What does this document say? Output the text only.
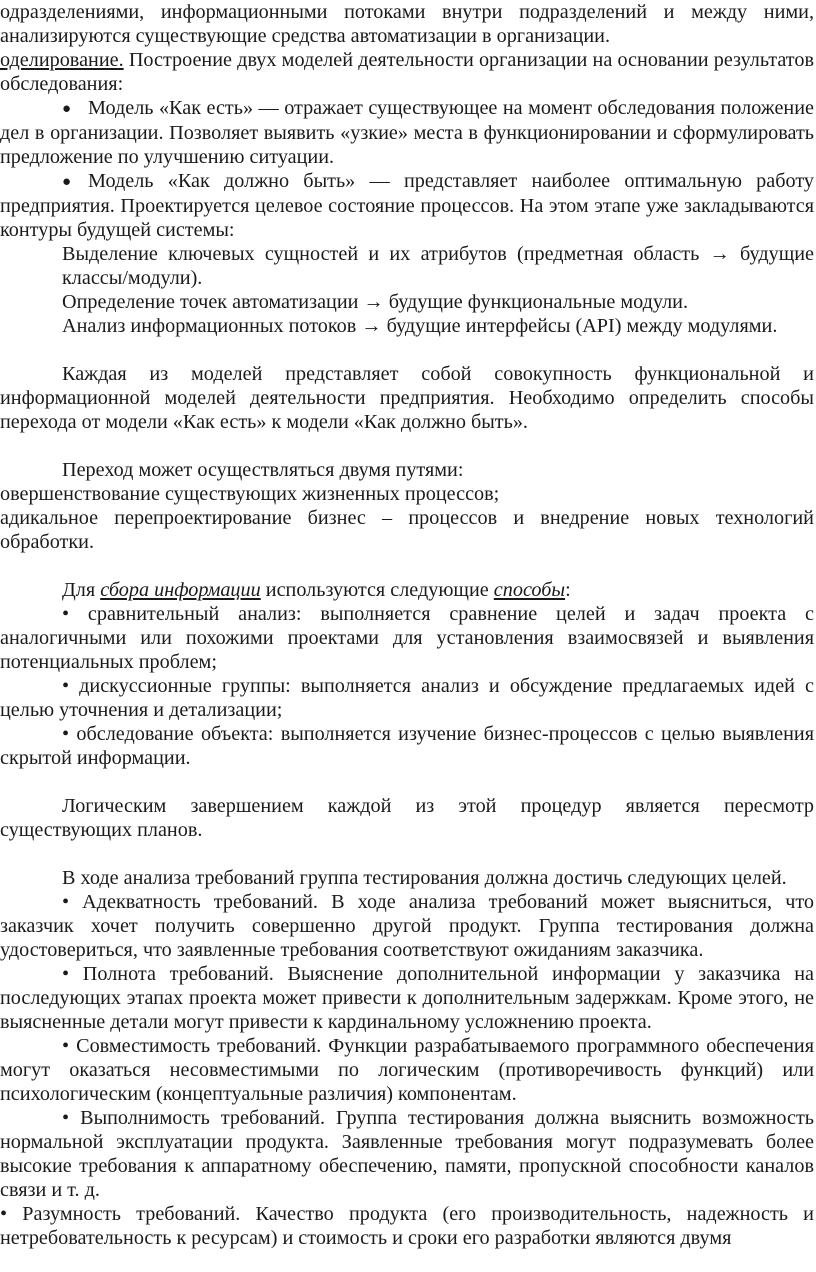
одразделениями, информационными потоками внутри подразделений и между ними, анализируются существующие средства автоматизации в организации.

оделирование. Построение двух моделей деятельности организации на основании результатов обследования:

● Модель «Как есть» — отражает существующее на момент обследования положение дел в организации. Позволяет выявить «узкие» места в функционировании и сформулировать предложение по улучшению ситуации.

● Модель «Как должно быть» — представляет наиболее оптимальную работу предприятия. Проектируется целевое состояние процессов. На этом этапе уже закладываются контуры будущей системы:

Выделение ключевых сущностей и их атрибутов (предметная область → будущие классы/модули).

Определение точек автоматизации → будущие функциональные модули.

Анализ информационных потоков → будущие интерфейсы (API) между модулями.

Каждая из моделей представляет собой совокупность функциональной и информационной моделей деятельности предприятия. Необходимо определить способы перехода от модели «Как есть» к модели «Как должно быть».

Переход может осуществляться двумя путями:

овершенствование существующих жизненных процессов;

адикальное перепроектирование бизнес – процессов и внедрение новых технологий обработки.

Для сбора информации используются следующие способы:

• сравнительный анализ: выполняется сравнение целей и задач проекта с аналогичными или похожими проектами для установления взаимосвязей и выявления потенциальных проблем;

• дискуссионные группы: выполняется анализ и обсуждение предлагаемых идей с целью уточнения и детализации;

• обследование объекта: выполняется изучение бизнес-процессов с целью выявления скрытой информации.

Логическим завершением каждой из этой процедур является пересмотр существующих планов.

В ходе анализа требований группа тестирования должна достичь следующих целей.

• Адекватность требований. В ходе анализа требований может выясниться, что заказчик хочет получить совершенно другой продукт. Группа тестирования должна удостовериться, что заявленные требования соответствуют ожиданиям заказчика.

• Полнота требований. Выяснение дополнительной информации у заказчика на последующих этапах проекта может привести к дополнительным задержкам. Кроме этого, не выясненные детали могут привести к кардинальному усложнению проекта.

• Совместимость требований. Функции разрабатываемого программного обеспечения могут оказаться несовместимыми по логическим (противоречивость функций) или психологическим (концептуальные различия) компонентам.

• Выполнимость требований. Группа тестирования должна выяснить возможность нормальной эксплуатации продукта. Заявленные требования могут подразумевать более высокие требования к аппаратному обеспечению, памяти, пропускной способности каналов связи и т. д.

• Разумность требований. Качество продукта (его производительность, надежность и нетребовательность к ресурсам) и стоимость и сроки его разработки являются двумя
